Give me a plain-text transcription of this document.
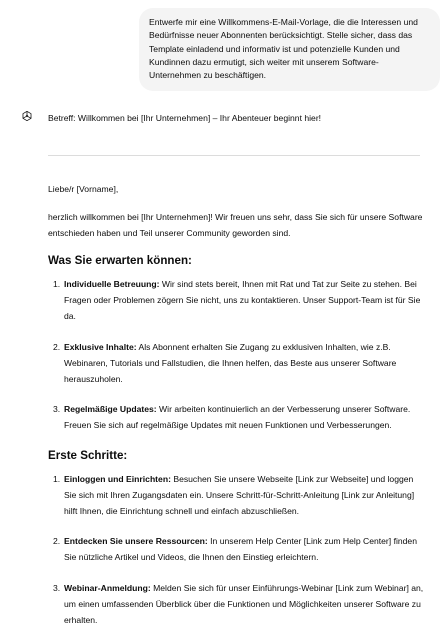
Entwerfe mir eine Willkommens-E-Mail-Vorlage, die die Interessen und Bedürfnisse neuer Abonnenten berücksichtigt. Stelle sicher, dass das Template einladend und informativ ist und potenzielle Kunden und Kundinnen dazu ermutigt, sich weiter mit unserem Software-Unternehmen zu beschäftigen.
Betreff: Willkommen bei [Ihr Unternehmen] – Ihr Abenteuer beginnt hier!
Liebe/r [Vorname],
herzlich willkommen bei [Ihr Unternehmen]! Wir freuen uns sehr, dass Sie sich für unsere Software entschieden haben und Teil unserer Community geworden sind.
Was Sie erwarten können:
1. Individuelle Betreuung: Wir sind stets bereit, Ihnen mit Rat und Tat zur Seite zu stehen. Bei Fragen oder Problemen zögern Sie nicht, uns zu kontaktieren. Unser Support-Team ist für Sie da.
2. Exklusive Inhalte: Als Abonnent erhalten Sie Zugang zu exklusiven Inhalten, wie z.B. Webinaren, Tutorials und Fallstudien, die Ihnen helfen, das Beste aus unserer Software herauszuholen.
3. Regelmäßige Updates: Wir arbeiten kontinuierlich an der Verbesserung unserer Software. Freuen Sie sich auf regelmäßige Updates mit neuen Funktionen und Verbesserungen.
Erste Schritte:
1. Einloggen und Einrichten: Besuchen Sie unsere Webseite [Link zur Webseite] und loggen Sie sich mit Ihren Zugangsdaten ein. Unsere Schritt-für-Schritt-Anleitung [Link zur Anleitung] hilft Ihnen, die Einrichtung schnell und einfach abzuschließen.
2. Entdecken Sie unsere Ressourcen: In unserem Help Center [Link zum Help Center] finden Sie nützliche Artikel und Videos, die Ihnen den Einstieg erleichtern.
3. Webinar-Anmeldung: Melden Sie sich für unser Einführungs-Webinar [Link zum Webinar] an, um einen umfassenden Überblick über die Funktionen und Möglichkeiten unserer Software zu erhalten.
